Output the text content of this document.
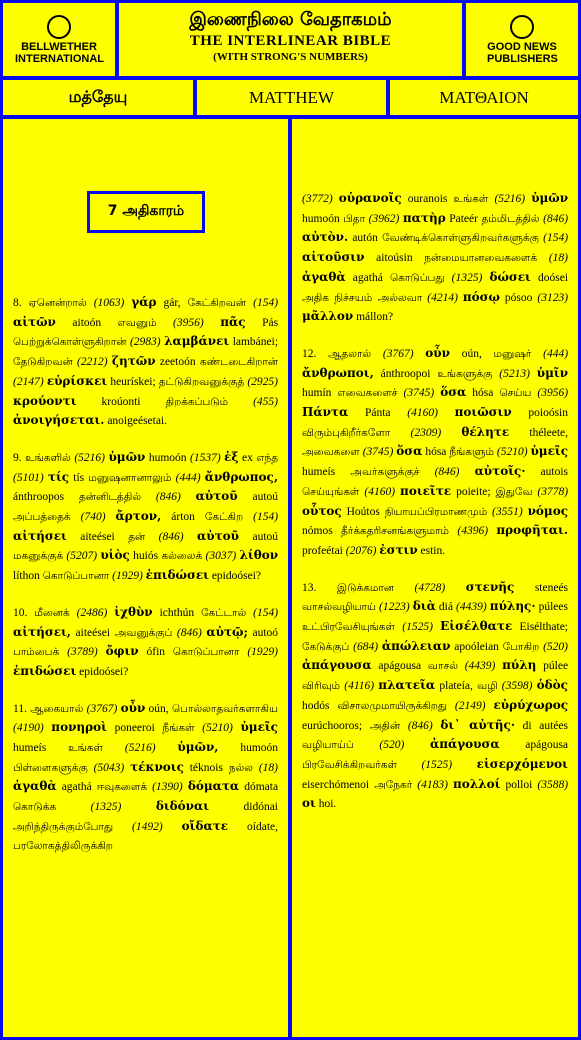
BELLWETHER INTERNATIONAL
இணைநிலை வேதாகமம்
THE INTERLINEAR BIBLE
(WITH STRONG'S NUMBERS)
GOOD NEWS PUBLISHERS
மத்தேயு	MATTHEW	ΜΑΤΘΑΙΟΝ
7 அதிகாரம்

8. ஏனென்றால் (1063) γάρ gár, கேட்கிறவன் (154) αἰτῶν aitoón எவனும் (3956) πᾶς Pás பெற்றுக்கொள்ளுகிறான் (2983) λαμβάνει lambánei; தேடுகிறவன் (2212) ζητῶν zeetoón கண்டடைகிறான் (2147) εὑρίσκει heurískei; தட்டுகிறவனுக்குத் (2925) κρούοντι kroúonti திறக்கப்படும் (455) ἀνοιγήσεται. anoigeésetai.

9. உங்களில் (5216) ὑμῶν humoón (1537) ἐξ ex எந்த (5101) τίς tís மனுஷனானாலும் (444) ἄνθρωπος, ánthroopos தன்னிடத்தில் (846) αὐτοῦ autoú அப்பத்தைக் (740) ἄρτον, árton கேட்கிற (154) αἰτήσει aiteései தன் (846) αὐτοῦ autoú மகனுக்குக் (5207) υἱὸς huiós கல்லைக் (3037) λίθον líthon கொடுப்பானா (1929) ἐπιδώσει epidoósei?

10. மீனைக் (2486) ἰχθὺν ichthún கேட்டால் (154) αἰτήσει, aiteései அவனுக்குப் (846) αὐτῷ; autoó பாம்பைக் (3789) ὄφιν ófin கொடுப்பானா (1929) ἐπιδώσει epidoósei?

11. ஆகையால் (3767) οὖν oún, பொல்லாதவர்களாகிய (4190) πονηροὶ poneeroi நீங்கள் (5210) ὑμεῖς humeís உங்கள் (5216) ὑμῶν, humoón பிள்ளைகளுக்கு (5043) τέκνοις téknois நல்ல (18) ἀγαθὰ agathá ஈவுகளைக் (1390) δόματα dómata கொடுக்க	(1325)	διδόναι	didónai அறிந்திருக்கும்போது (1492) οἴδατε oídate, பரலோகத்திலிருக்கிற

(3772) οὐρανοῖς ouranois உங்கள் (5216) ὑμῶν humoón பிதா (3962) πατὴρ Pateér தம்மிடத்தில் (846) αὐτὸν. autón வேண்டிக்கொள்ளுகிறவர்களுக்கு (154) αἰτοῦσιν aitoúsin நன்மையானவைகளைக் (18) ἀγαθὰ agathá கொடுப்பது (1325) δώσει doósei அதிக நிச்சயம் அல்லவா (4214) πόσῳ pósoo (3123) μᾶλλον mállon?

12. ஆதலால் (3767) οὖν oún, மனுஷர் (444) ἄνθρωποι, ánthroopoi உங்களுக்கு (5213) ὑμῖν humín எவைகளைச் (3745) ὅσα hósa செய்ய (3956) Πάντα Pánta (4160) ποιῶσιν poioósin விரும்புகிறீர்களோ (2309) θέλητε théleete, அவைகளை (3745) ὅσα hósa நீங்களும் (5210) ὑμεῖς humeís அவர்களுக்குச் (846) αὐτοῖς· autois செய்யுங்கள் (4160) ποιεῖτε poieite; இதுவே (3778) οὗτος Hoútos நியாயப்பிரமாணமும் (3551) νόμος nómos தீர்க்கதரிசனங்களுமாம் (4396) προφῆται. profeétai (2076) ἐστιν estin.

13. இடுக்கமான (4728) στενῆς steneés வாசல்வழியாய் (1223) διὰ diá (4439) πύλης· púlees உட்பிரவேசியுங்கள் (1525) Εἰσέλθατε Eisélthate; கேடுக்குப் (684) ἀπώλειαν apoóleian போகிற (520) ἀπάγουσα apágousa வாசல் (4439) πύλη púlee விரிவும் (4116) πλατεῖα plateía, வழி (3598) ὁδὸς hodós விசாலமுமாயிருக்கிறது (2149) εὐρύχωρος eurúchooros; அதின் (846) δι᾽ αὐτῆς· di autées வழியாய்ப் (520) ἀπάγουσα apágousa பிரவேசிக்கிறவர்கள் (1525) εἰσερχόμενοι eiserchómenoi அநேகர் (4183) πολλοί polloi (3588) οι hoi.
